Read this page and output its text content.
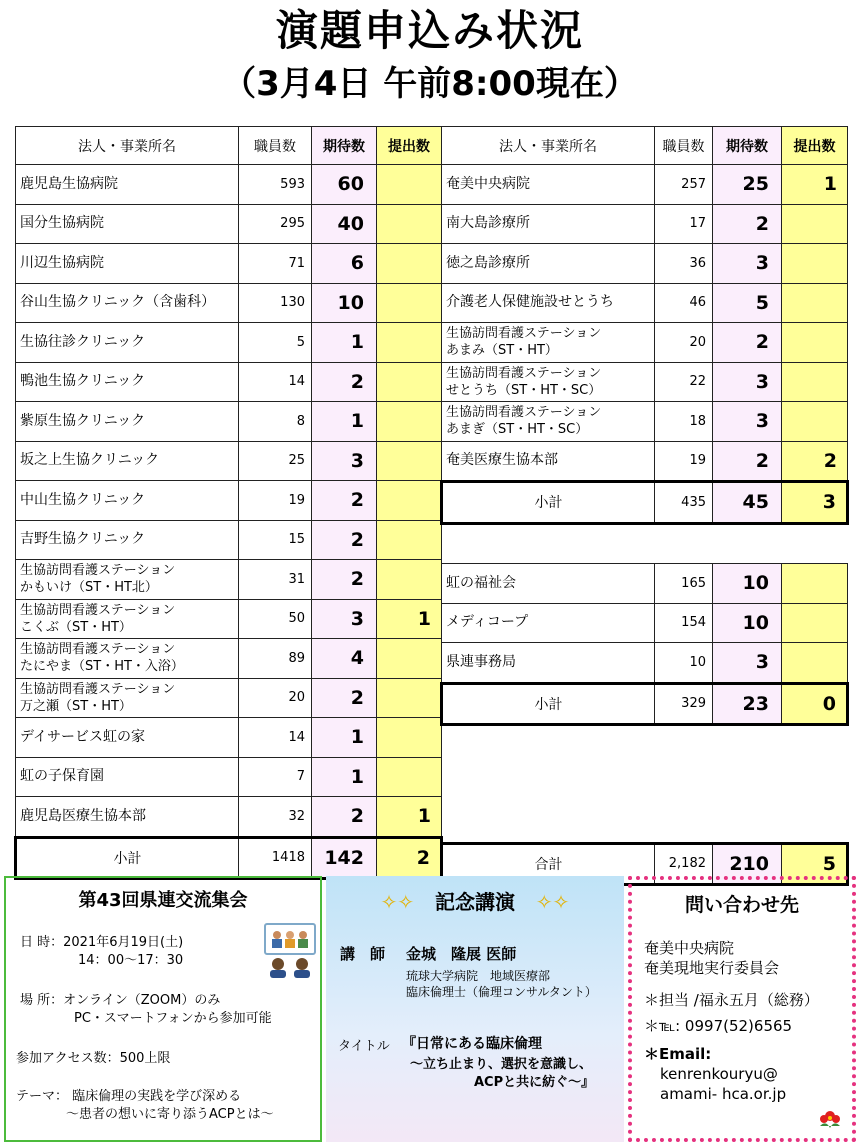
演題申込み状況
（3月4日 午前8:00現在）
法人・事業所名	職員数	期待数	提出数

鹿児島生協病院	593	60	

国分生協病院	295	40	

川辺生協病院	71	6	

谷山生協クリニック（含歯科）	130	10	

生協往診クリニック	5	1	

鴨池生協クリニック	14	2	

紫原生協クリニック	8	1	

坂之上生協クリニック	25	3	

中山生協クリニック	19	2	

吉野生協クリニック	15	2	

生協訪問看護ステーション
かもいけ（ST・HT北）	31	2	

生協訪問看護ステーション
こくぶ（ST・HT）	50	3	1

生協訪問看護ステーション
たにやま（ST・HT・入浴）	89	4	

生協訪問看護ステーション
万之瀬（ST・HT）	20	2	

デイサービス虹の家	14	1	

虹の子保育園	7	1	

鹿児島医療生協本部	32	2	1
小計	1418	142	2
法人・事業所名	職員数	期待数	提出数

奄美中央病院	257	25	1

南大島診療所	17	2	

徳之島診療所	36	3	

介護老人保健施設せとうち	46	5	

生協訪問看護ステーション
あまみ（ST・HT）	20	2	

生協訪問看護ステーション
せとうち（ST・HT・SC）	22	3	

生協訪問看護ステーション
あまぎ（ST・HT・SC）	18	3	

奄美医療生協本部	19	2	2
小計	435	45	3

虹の福祉会	165	10	

メディコープ	154	10	

県連事務局	10	3	
小計	329	23	0

合計	2,182	210	5
第43回県連交流集会
日 時：2021年6月19日(土)
14：00～17：30
場 所：オンライン（ZOOM）のみ
PC・スマートフォンから参加可能
参加アクセス数：500上限
テーマ： 臨床倫理の実践を学び深める
～患者の想いに寄り添うACPとは～
✧✧ 記念講演 ✧✧
講　師 金城　隆展 医師
琉球大学病院　地域医療部
臨床倫理士（倫理コンサルタント）
タイトル 『日常にある臨床倫理
～立ち止まり、選択を意識し、
ACPと共に紡ぐ～』
問い合わせ先
奄美中央病院
奄美現地実行委員会
＊担当 /福永五月（総務）
＊℡: 0997(52)6565
＊Email:
kenrenkouryu@
amami- hca.or.jp
